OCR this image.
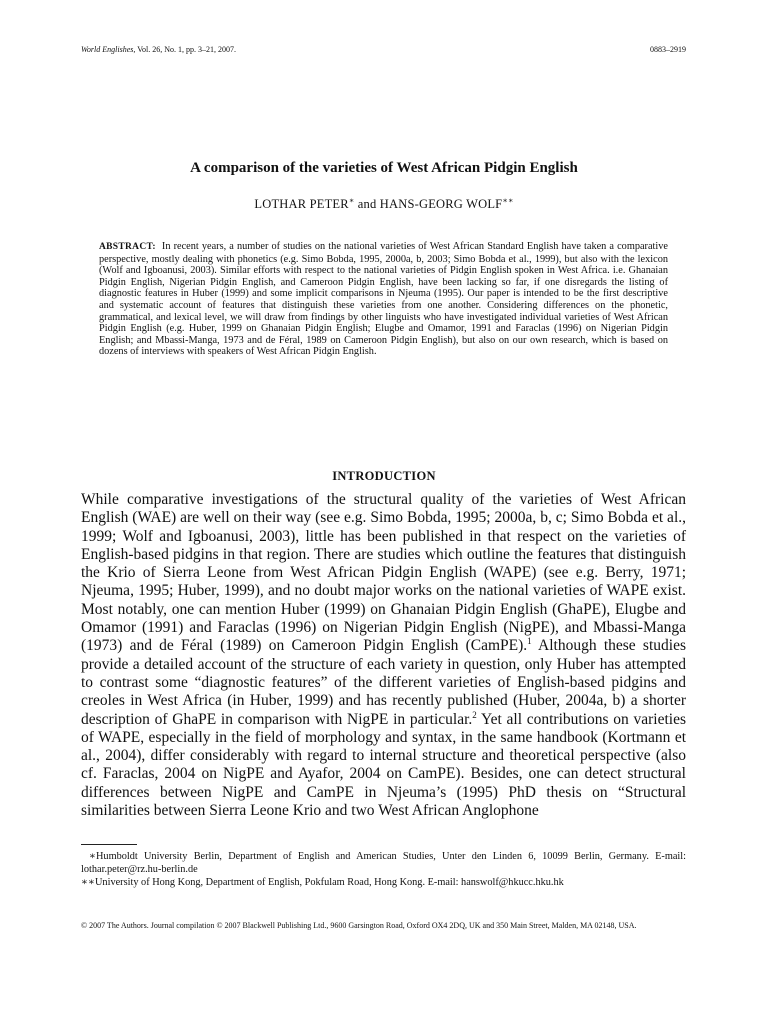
World Englishes, Vol. 26, No. 1, pp. 3–21, 2007.	0883–2919
A comparison of the varieties of West African Pidgin English
LOTHAR PETER∗ and HANS-GEORG WOLF∗∗

ABSTRACT: In recent years, a number of studies on the national varieties of West African Standard English have taken a comparative perspective, mostly dealing with phonetics (e.g. Simo Bobda, 1995, 2000a, b, 2003; Simo Bobda et al., 1999), but also with the lexicon (Wolf and Igboanusi, 2003). Similar efforts with respect to the national varieties of Pidgin English spoken in West Africa. i.e. Ghanaian Pidgin English, Nigerian Pidgin English, and Cameroon Pidgin English, have been lacking so far, if one disregards the listing of diagnostic features in Huber (1999) and some implicit comparisons in Njeuma (1995). Our paper is intended to be the first descriptive and systematic account of features that distinguish these varieties from one another. Considering differences on the phonetic, grammatical, and lexical level, we will draw from findings by other linguists who have investigated individual varieties of West African Pidgin English (e.g. Huber, 1999 on Ghanaian Pidgin English; Elugbe and Omamor, 1991 and Faraclas (1996) on Nigerian Pidgin English; and Mbassi-Manga, 1973 and de Féral, 1989 on Cameroon Pidgin English), but also on our own research, which is based on dozens of interviews with speakers of West African Pidgin English.

INTRODUCTION

While comparative investigations of the structural quality of the varieties of West African English (WAE) are well on their way (see e.g. Simo Bobda, 1995; 2000a, b, c; Simo Bobda et al., 1999; Wolf and Igboanusi, 2003), little has been published in that respect on the varieties of English-based pidgins in that region. There are studies which outline the features that distinguish the Krio of Sierra Leone from West African Pidgin English (WAPE) (see e.g. Berry, 1971; Njeuma, 1995; Huber, 1999), and no doubt major works on the national varieties of WAPE exist. Most notably, one can mention Huber (1999) on Ghanaian Pidgin English (GhaPE), Elugbe and Omamor (1991) and Faraclas (1996) on Nigerian Pidgin English (NigPE), and Mbassi-Manga (1973) and de Féral (1989) on Cameroon Pidgin English (CamPE).$^1$ Although these studies provide a detailed account of the structure of each variety in question, only Huber has attempted to contrast some “diagnostic features” of the different varieties of English-based pidgins and creoles in West Africa (in Huber, 1999) and has recently published (Huber, 2004a, b) a shorter description of GhaPE in comparison with NigPE in particular.$^2$ Yet all contributions on varieties of WAPE, especially in the field of morphology and syntax, in the same handbook (Kortmann et al., 2004), differ considerably with regard to internal structure and theoretical perspective (also cf. Faraclas, 2004 on NigPE and Ayafor, 2004 on CamPE). Besides, one can detect structural differences between NigPE and CamPE in Njeuma’s (1995) PhD thesis on “Structural similarities between Sierra Leone Krio and two West African Anglophone

∗Humboldt University Berlin, Department of English and American Studies, Unter den Linden 6, 10099 Berlin, Germany. E-mail: lothar.peter@rz.hu-berlin.de

∗∗University of Hong Kong, Department of English, Pokfulam Road, Hong Kong. E-mail: hanswolf@hkucc.hku.hk

© 2007 The Authors. Journal compilation © 2007 Blackwell Publishing Ltd., 9600 Garsington Road, Oxford OX4 2DQ, UK and 350 Main Street, Malden, MA 02148, USA.
